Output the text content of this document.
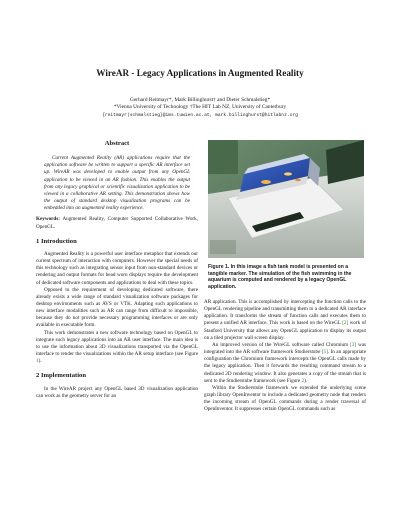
WireAR - Legacy Applications in Augmented Reality
Gerhard Reitmayr*, Mark Billinghurst† and Dieter Schmalstieg*
*Vienna University of Technology †The HIT Lab NZ, University of Canterbury
{reitmayr|schmalstieg}@ims.tuwien.ac.at, mark.billinghurst@hitlabnz.org
Abstract

Current Augmented Reality (AR) applications require that the application software be written to support a specific AR interface set up. WireAR was developed to enable output from any OpenGL application to be viewed in an AR fashion. This enables the output from any legacy graphical or scientific visualization application to be viewed in a collaborative AR setting. This demonstration shows how the output of standard desktop visualization programs can be embedded into an augmented reality experience.

Keywords: Augmented Reality, Computer Supported Collaborative Work, OpenGL.

1 Introduction

Augmented Reality is a powerful user interface metaphor that extends our current spectrum of interaction with computers. However the special needs of this technology such as integrating sensor input from non-standard devices or rendering and output formats for head worn displays require the development of dedicated software components and applications to deal with these topics.

Opposed to the requirement of developing dedicated software, there already exists a wide range of standard visualization software packages for desktop environments such as AVS or VTK. Adapting such applications to new interface modalities such as AR can range from difficult to impossible, because they do not provide necessary programming interfaces or are only available in executable form.

This work demonstrates a new software technology based on OpenGL to integrate such legacy applications into an AR user interface. The main idea is to use the information about 3D visualizations transported via the OpenGL interface to render the visualizations within the AR setup interface (see Figure 1).

2 Implementation

In the WireAR project any OpenGL based 3D visualization application can work as the geometry server for an

Figure 1. In this image a fish tank model is presented on a tangible marker. The simulation of the fish swimming in the aquarium is computed and rendered by a legacy OpenGL application.

AR application. This is accomplished by intercepting the function calls to the OpenGL rendering pipeline and transmitting them to a dedicated AR interface application. It transforms the stream of function calls and executes them to present a unified AR interface. This work is based on the WireGL [2] work of Stanford University that allows any OpenGL application to display its output on a tiled projector wall screen display.

An improved version of the WireGL software called Chromium [3] was integrated into the AR software framework Studierstube [5]. In an appropriate configuration the Chromium framework intercepts the OpenGL calls made by the legacy application. Then it forwards the resulting command stream to a dedicated 2D rendering window. It also generates a copy of the stream that is sent to the Studierstube framework (see Figure 2).

Within the Studierstube framework we extended the underlying scene graph library OpenInventor to include a dedicated geometry node that renders the incoming stream of OpenGL commands during a render traversal of OpenInventor. It suppresses certain OpenGL commands such as
